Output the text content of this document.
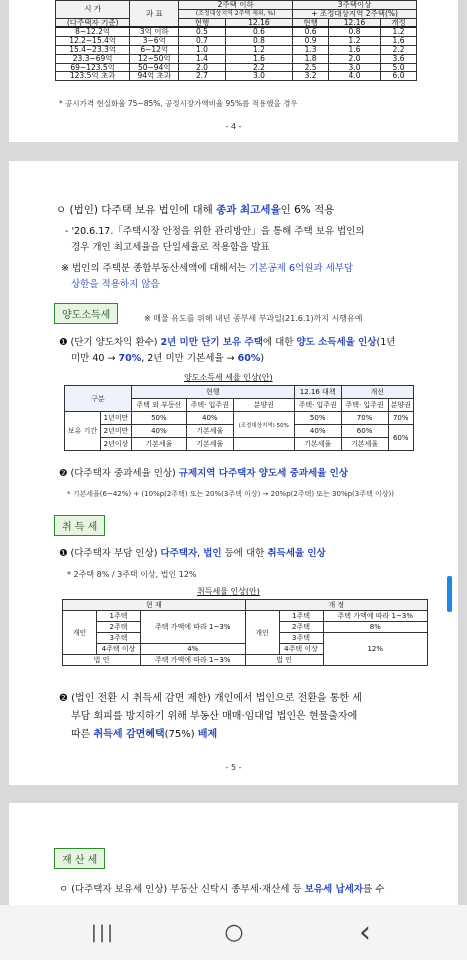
시 가	과 표	2주택 이하		3주택이상		
		(조정대상지역 2주택 제외, %)		+ 조정대상지역 2주택(%)		
(다주택자 기준)		현행	12.16	현행	12.16	개정
8~12.2억	3억 이하	0.5	0.6	0.6	0.8	1.2
12.2~15.4억	3~6억	0.7	0.8	0.9	1.2	1.6
15.4~23.3억	6~12억	1.0	1.2	1.3	1.6	2.2
23.3~69억	12~50억	1.4	1.6	1.8	2.0	3.6
69~123.5억	50~94억	2.0	2.2	2.5	3.0	5.0
123.5억 초과	94억 초과	2.7	3.0	3.2	4.0	6.0
* 공시가격 현실화율 75~85%, 공정시장가액비율 95%를 적용했을 경우
- 4 -
ㅇ (법인) 다주택 보유 법인에 대해 종과 최고세율인 6% 적용
- '20.6.17.「주택시장 안정을 위한 관리방안」을 통해 주택 보유 법인의
경우 개인 최고세율을 단일세율로 적용함을 발표
※ 법인의 주택분 종합부동산세액에 대해서는 기본공제 6억원과 세부담
상한을 적용하지 않음
양도소득세	※ 매물 유도를 위해 내년 종부세 부과일(21.6.1)까지 시행유예
❶ (단기 양도차익 환수) 2년 미만 단기 보유 주택에 대한 양도 소득세율 인상(1년
미만 40 → 70%, 2년 미만 기본세율 → 60%)
양도소득세 세율 인상(안)
구분		현행			12.16 대책	개선	
		주택 외 부동산	주택· 입주권	분양권	주택· 입주권	주택· 입주권	분양권
보유 기간	1년미만	50%	40%	(조정대상지역) 50%	50%	70%	70%
	2년미만	40%	기본세율		40%	60%	60%
	2년이상	기본세율	기본세율		기본세율	기본세율	
❷ (다주택자 중과세율 인상) 규제지역 다주택자 양도세 중과세율 인상
* 기본세율(6~42%) + (10%p(2주택) 또는 20%(3주택 이상) → 20%p(2주택) 또는 30%p(3주택 이상))
취 득 세
❶ (다주택자 부담 인상) 다주택자, 법인 등에 대한 취득세율 인상
* 2주택 8% / 3주택 이상, 법인 12%
취득세율 인상(안)
현 재			개 정		
개인	1주택	주택 가액에 따라 1~3%	개인	1주택	주택 가액에 따라 1~3%
	2주택			2주택	8%
	3주택			3주택	12%
	4주택 이상	4%		4주택 이상	
법 인		주택 가액에 따라 1~3%	법 인		
❷ (법인 전환 시 취득세 감면 제한) 개인에서 법인으로 전환을 통한 세
부담 회피를 방지하기 위해 부동산 매매·임대업 법인은 현물출자에
따른 취득세 감면혜택(75%) 배제
- 5 -
재 산 세
ㅇ (다주택자 보유세 인상) 부동산 신탁시 종부세·재산세 등 보유세 납세자를 수
|||	○	‹
